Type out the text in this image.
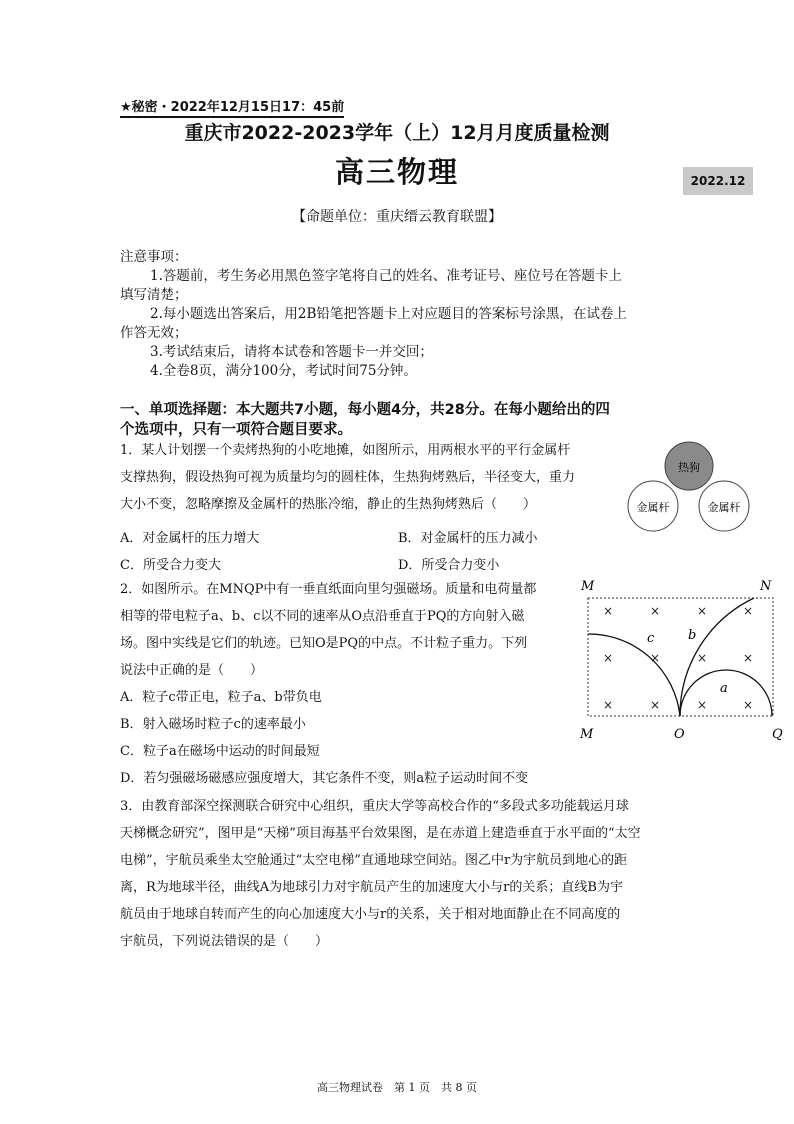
★秘密・2022年12月15日17：45前
重庆市2022-2023学年（上）12月月度质量检测
高三物理	2022.12
【命题单位：重庆缙云教育联盟】

注意事项：

1.答题前，考生务必用黑色签字笔将自己的姓名、准考证号、座位号在答题卡上

填写清楚；

2.每小题选出答案后，用2B铅笔把答题卡上对应题目的答案标号涂黑，在试卷上

作答无效；

3.考试结束后，请将本试卷和答题卡一并交回；

4.全卷8页，满分100分，考试时间75分钟。

一、单项选择题：本大题共7小题，每小题4分，共28分。在每小题给出的四
个选项中，只有一项符合题目要求。
1．某人计划摆一个卖烤热狗的小吃地摊，如图所示，用两根水平的平行金属杆
支撑热狗，假设热狗可视为质量均匀的圆柱体，生热狗烤熟后，半径变大，重力
大小不变，忽略摩擦及金属杆的热胀冷缩，静止的生热狗烤熟后（　　）
A．对金属杆的压力增大	B．对金属杆的压力减小
C．所受合力变大	D．所受合力变小
热狗
金属杆	金属杆
2．如图所示。在MNQP中有一垂直纸面向里匀强磁场。质量和电荷量都
相等的带电粒子a、b、c以不同的速率从O点沿垂直于PQ的方向射入磁
场。图中实线是它们的轨迹。已知O是PQ的中点。不计粒子重力。下列
说法中正确的是（　　）
A．粒子c带正电，粒子a、b带负电
B．射入磁场时粒子c的速率最小
C．粒子a在磁场中运动的时间最短
D．若匀强磁场磁感应强度增大，其它条件不变，则a粒子运动时间不变
M	N
×	×	×	×
×	×	×	×
×	×	×	×
a
b
c
M	O	Q
3．由教育部深空探测联合研究中心组织，重庆大学等高校合作的“多段式多功能载运月球
天梯概念研究”，图甲是“天梯”项目海基平台效果图，是在赤道上建造垂直于水平面的“太空
电梯”，宇航员乘坐太空舱通过“太空电梯”直通地球空间站。图乙中r为宇航员到地心的距
离，R为地球半径，曲线A为地球引力对宇航员产生的加速度大小与r的关系；直线B为宇
航员由于地球自转而产生的向心加速度大小与r的关系，关于相对地面静止在不同高度的
宇航员，下列说法错误的是（　　）
高三物理试卷　第 1 页　共 8 页
